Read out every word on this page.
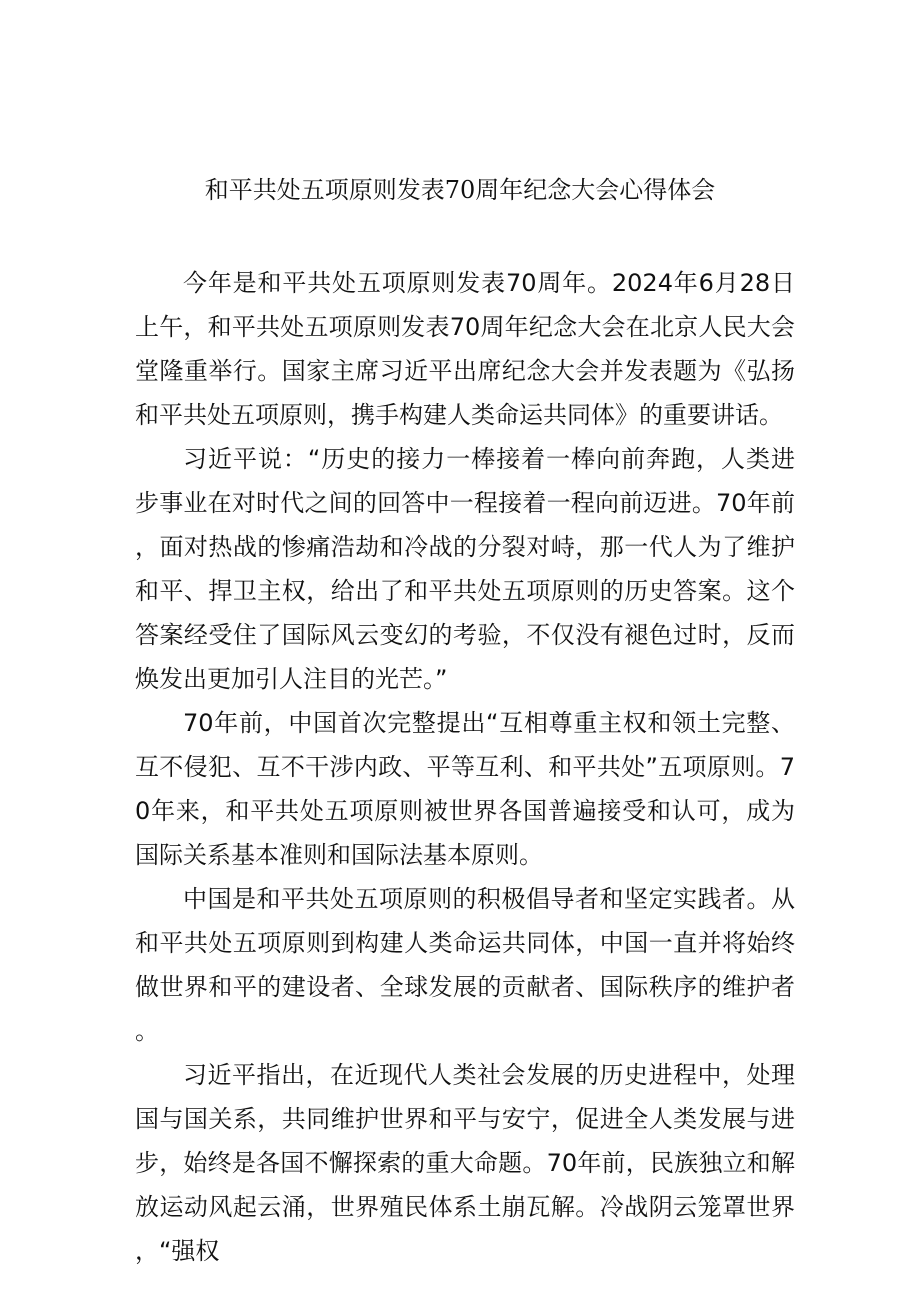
和平共处五项原则发表70周年纪念大会心得体会

今年是和平共处五项原则发表70周年。2024年6月28日上午，和平共处五项原则发表70周年纪念大会在北京人民大会堂隆重举行。国家主席习近平出席纪念大会并发表题为《弘扬和平共处五项原则，携手构建人类命运共同体》的重要讲话。

习近平说：“历史的接力一棒接着一棒向前奔跑，人类进步事业在对时代之间的回答中一程接着一程向前迈进。70年前，面对热战的惨痛浩劫和冷战的分裂对峙，那一代人为了维护和平、捍卫主权，给出了和平共处五项原则的历史答案。这个答案经受住了国际风云变幻的考验，不仅没有褪色过时，反而焕发出更加引人注目的光芒。”

70年前，中国首次完整提出“互相尊重主权和领土完整、互不侵犯、互不干涉内政、平等互利、和平共处”五项原则。70年来，和平共处五项原则被世界各国普遍接受和认可，成为国际关系基本准则和国际法基本原则。

中国是和平共处五项原则的积极倡导者和坚定实践者。从和平共处五项原则到构建人类命运共同体，中国一直并将始终做世界和平的建设者、全球发展的贡献者、国际秩序的维护者。

习近平指出，在近现代人类社会发展的历史进程中，处理国与国关系，共同维护世界和平与安宁，促进全人类发展与进步，始终是各国不懈探索的重大命题。70年前，民族独立和解放运动风起云涌，世界殖民体系土崩瓦解。冷战阴云笼罩世界，“强权
